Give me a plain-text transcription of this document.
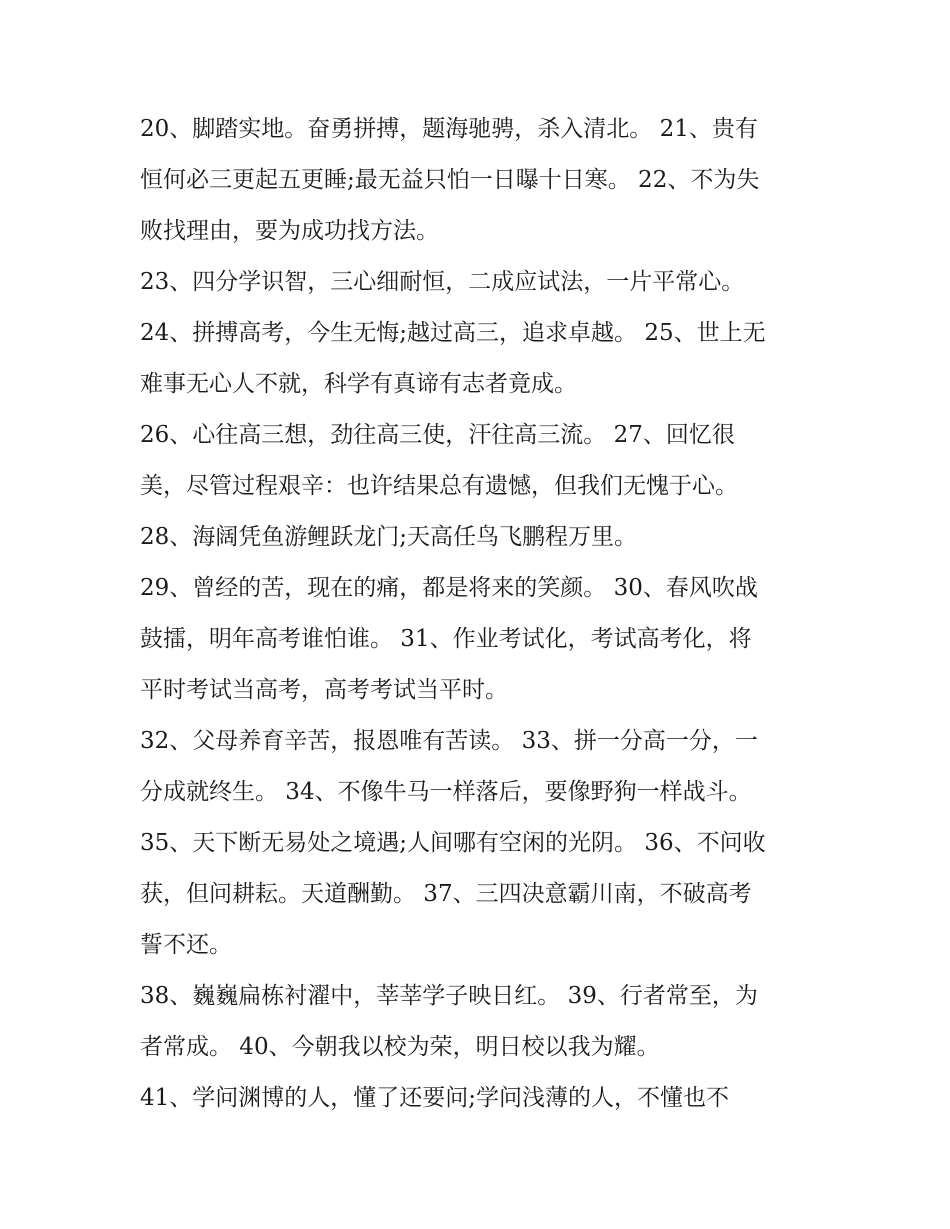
20、脚踏实地。奋勇拼搏，题海驰骋，杀入清北。 21、贵有
恒何必三更起五更睡;最无益只怕一日曝十日寒。 22、不为失
败找理由，要为成功找方法。
23、四分学识智，三心细耐恒，二成应试法，一片平常心。
24、拼搏高考，今生无悔;越过高三，追求卓越。 25、世上无
难事无心人不就，科学有真谛有志者竟成。
26、心往高三想，劲往高三使，汗往高三流。 27、回忆很
美，尽管过程艰辛：也许结果总有遗憾，但我们无愧于心。
28、海阔凭鱼游鲤跃龙门;天高任鸟飞鹏程万里。
29、曾经的苦，现在的痛，都是将来的笑颜。 30、春风吹战
鼓擂，明年高考谁怕谁。 31、作业考试化，考试高考化，将
平时考试当高考，高考考试当平时。
32、父母养育辛苦，报恩唯有苦读。 33、拼一分高一分，一
分成就终生。 34、不像牛马一样落后，要像野狗一样战斗。
35、天下断无易处之境遇;人间哪有空闲的光阴。 36、不问收
获，但问耕耘。天道酬勤。 37、三四决意霸川南，不破高考
誓不还。
38、巍巍扁栋衬濯中，莘莘学子映日红。 39、行者常至，为
者常成。 40、今朝我以校为荣，明日校以我为耀。
41、学问渊博的人，懂了还要问;学问浅薄的人，不懂也不
